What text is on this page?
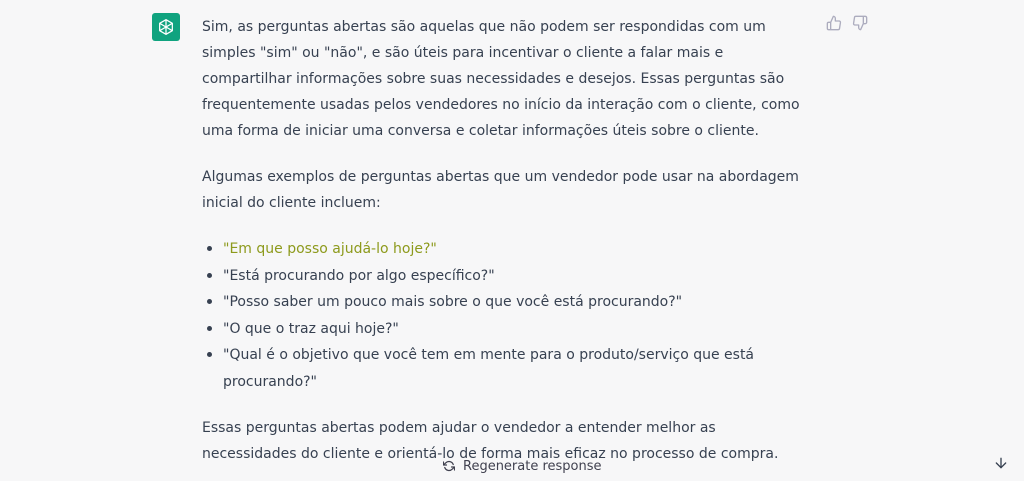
Sim, as perguntas abertas são aquelas que não podem ser respondidas com um simples "sim" ou "não", e são úteis para incentivar o cliente a falar mais e compartilhar informações sobre suas necessidades e desejos. Essas perguntas são frequentemente usadas pelos vendedores no início da interação com o cliente, como uma forma de iniciar uma conversa e coletar informações úteis sobre o cliente.

Algumas exemplos de perguntas abertas que um vendedor pode usar na abordagem inicial do cliente incluem:

"Em que posso ajudá-lo hoje?"
"Está procurando por algo específico?"
"Posso saber um pouco mais sobre o que você está procurando?"
"O que o traz aqui hoje?"
"Qual é o objetivo que você tem em mente para o produto/serviço que está procurando?"

Essas perguntas abertas podem ajudar o vendedor a entender melhor as necessidades do cliente e orientá-lo de forma mais eficaz no processo de compra.

Regenerate response
